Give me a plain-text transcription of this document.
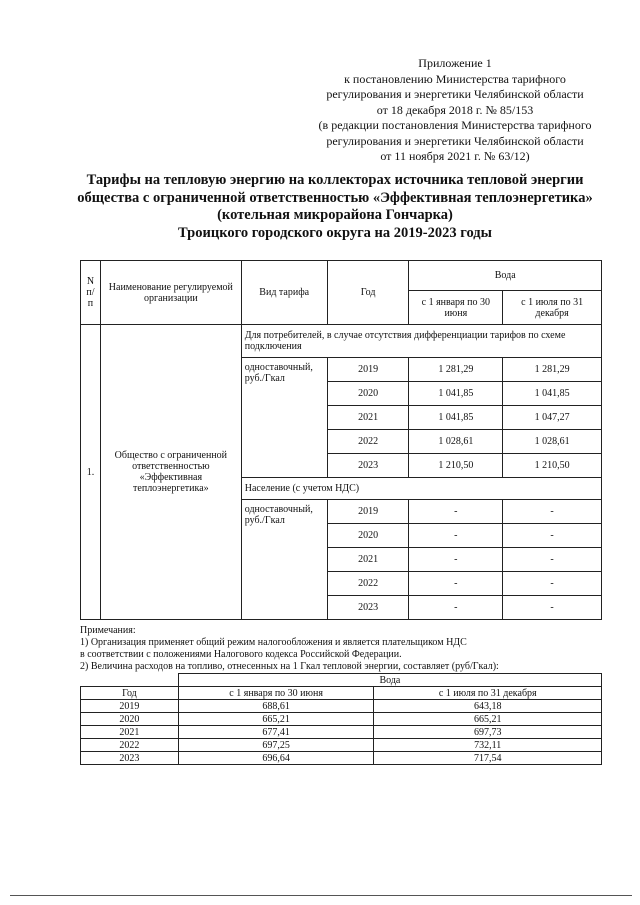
Приложение 1
к постановлению Министерства тарифного
регулирования и энергетики Челябинской области
от 18 декабря 2018 г. № 85/153
(в редакции постановления Министерства тарифного
регулирования и энергетики Челябинской области
от 11 ноября 2021 г. № 63/12)
Тарифы на тепловую энергию на коллекторах источника тепловой энергии
общества с ограниченной ответственностью «Эффективная теплоэнергетика»
(котельная микрорайона Гончарка)
Троицкого городского округа на 2019-2023 годы
N п/п	Наименование регулируемой организации	Вид тарифа	Год	Вода	
				с 1 января по 30 июня	с 1 июля по 31 декабря
1.	Общество с ограниченной ответственностью «Эффективная теплоэнергетика»	Для потребителей, в случае отсутствия дифференциации тарифов по схеме подключения			
		одноставочный, руб./Гкал	2019	1 281,29	1 281,29
			2020	1 041,85	1 041,85
			2021	1 041,85	1 047,27
			2022	1 028,61	1 028,61
			2023	1 210,50	1 210,50
		Население (с учетом НДС)			
		одноставочный, руб./Гкал	2019	-	-
			2020	-	-
			2021	-	-
			2022	-	-
			2023	-	-
Примечания:
1) Организация применяет общий режим налогообложения и является плательщиком НДС
в соответствии с положениями Налогового кодекса Российской Федерации.
2) Величина расходов на топливо, отнесенных на 1 Гкал тепловой энергии, составляет (руб/Гкал):
	Вода	
Год	с 1 января по 30 июня	с 1 июля по 31 декабря
2019	688,61	643,18
2020	665,21	665,21
2021	677,41	697,73
2022	697,25	732,11
2023	696,64	717,54
